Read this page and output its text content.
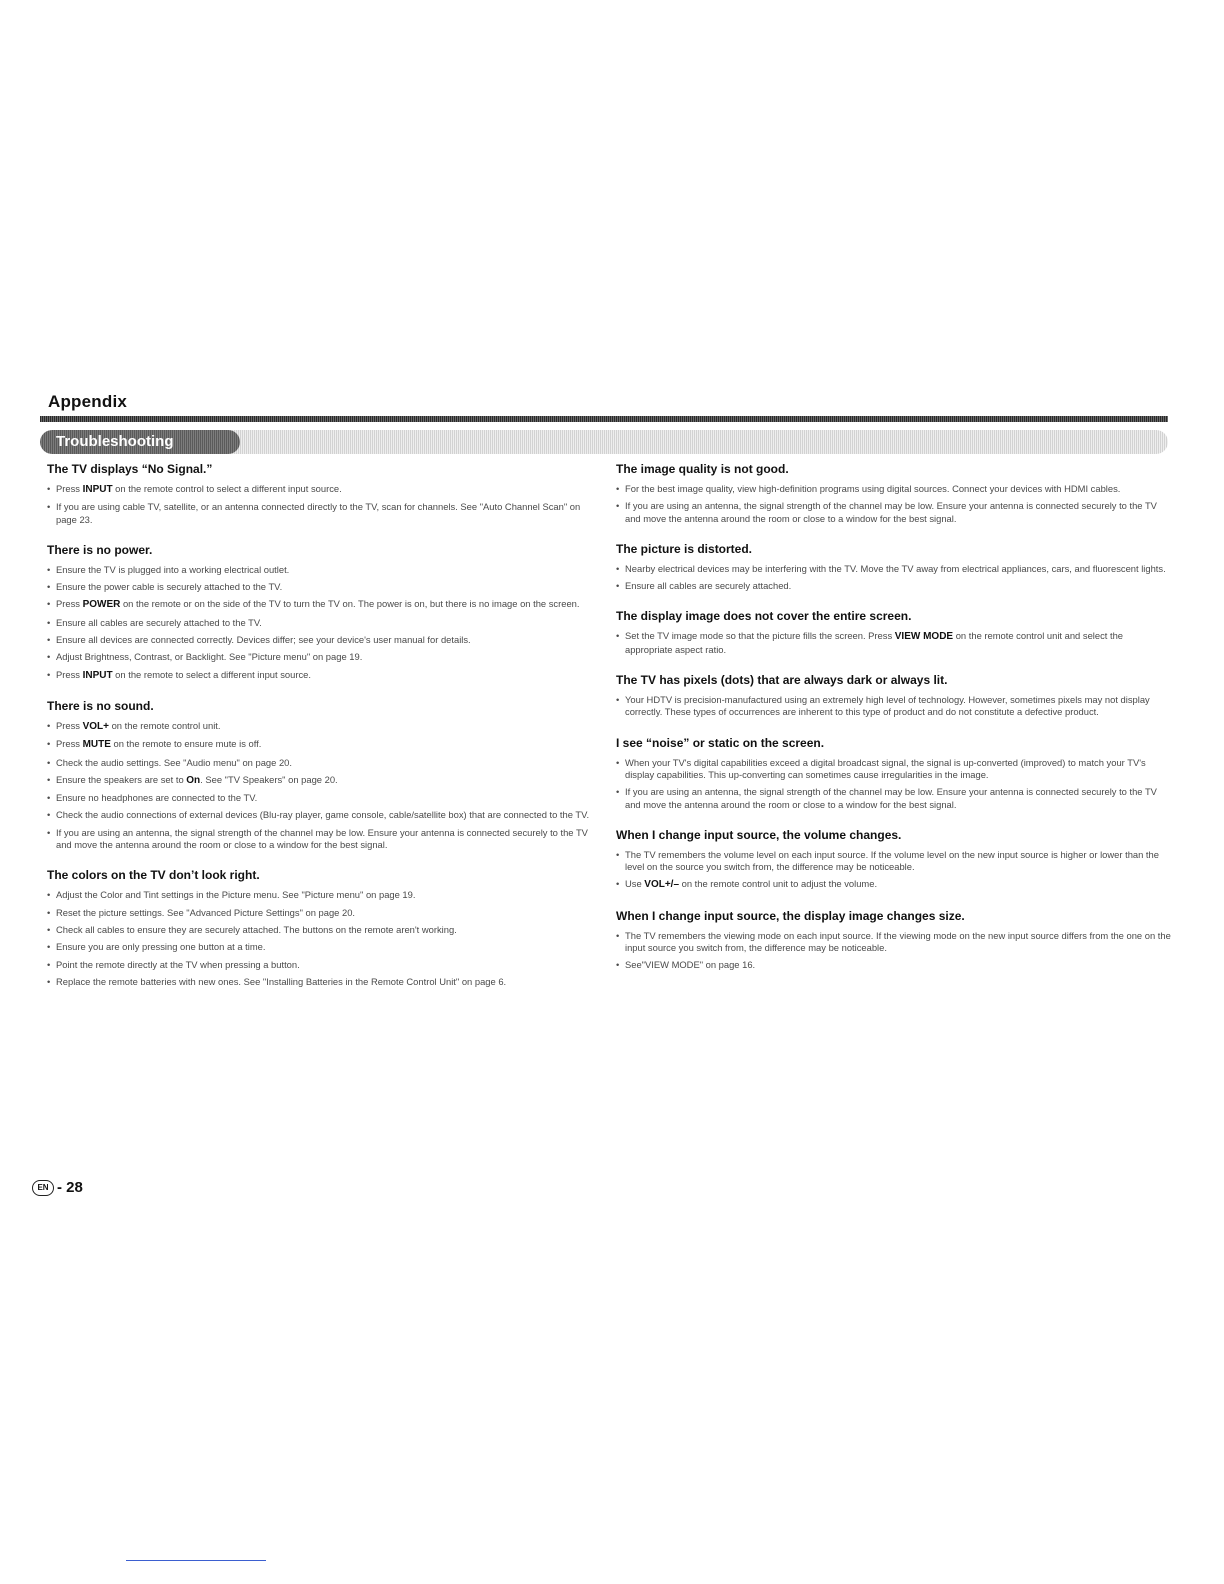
Appendix
Troubleshooting
The TV displays “No Signal.”
• Press INPUT on the remote control to select a different input source.
• If you are using cable TV, satellite, or an antenna connected directly to the TV, scan for channels. See "Auto Channel Scan" on page 23.
There is no power.
• Ensure the TV is plugged into a working electrical outlet.
• Ensure the power cable is securely attached to the TV.
• Press POWER on the remote or on the side of the TV to turn the TV on. The power is on, but there is no image on the screen.
• Ensure all cables are securely attached to the TV.
• Ensure all devices are connected correctly. Devices differ; see your device's user manual for details.
• Adjust Brightness, Contrast, or Backlight. See "Picture menu" on page 19.
• Press INPUT on the remote to select a different input source.
There is no sound.
• Press VOL+ on the remote control unit.
• Press MUTE on the remote to ensure mute is off.
• Check the audio settings. See "Audio menu" on page 20.
• Ensure the speakers are set to On. See "TV Speakers" on page 20.
• Ensure no headphones are connected to the TV.
• Check the audio connections of external devices (Blu-ray player, game console, cable/satellite box) that are connected to the TV.
• If you are using an antenna, the signal strength of the channel may be low. Ensure your antenna is connected securely to the TV and move the antenna around the room or close to a window for the best signal.
The colors on the TV don’t look right.
• Adjust the Color and Tint settings in the Picture menu. See "Picture menu" on page 19.
• Reset the picture settings. See "Advanced Picture Settings" on page 20.
• Check all cables to ensure they are securely attached. The buttons on the remote aren't working.
• Ensure you are only pressing one button at a time.
• Point the remote directly at the TV when pressing a button.
• Replace the remote batteries with new ones. See "Installing Batteries in the Remote Control Unit" on page 6.
The image quality is not good.
• For the best image quality, view high-definition programs using digital sources. Connect your devices with HDMI cables.
• If you are using an antenna, the signal strength of the channel may be low. Ensure your antenna is connected securely to the TV and move the antenna around the room or close to a window for the best signal.
The picture is distorted.
• Nearby electrical devices may be interfering with the TV. Move the TV away from electrical appliances, cars, and fluorescent lights.
• Ensure all cables are securely attached.
The display image does not cover the entire screen.
• Set the TV image mode so that the picture fills the screen. Press VIEW MODE on the remote control unit and select the appropriate aspect ratio.
The TV has pixels (dots) that are always dark or always lit.
• Your HDTV is precision-manufactured using an extremely high level of technology. However, sometimes pixels may not display correctly. These types of occurrences are inherent to this type of product and do not constitute a defective product.
I see “noise” or static on the screen.
• When your TV's digital capabilities exceed a digital broadcast signal, the signal is up-converted (improved) to match your TV's display capabilities. This up-converting can sometimes cause irregularities in the image.
• If you are using an antenna, the signal strength of the channel may be low. Ensure your antenna is connected securely to the TV and move the antenna around the room or close to a window for the best signal.
When I change input source, the volume changes.
• The TV remembers the volume level on each input source. If the volume level on the new input source is higher or lower than the level on the source you switch from, the difference may be noticeable.
• Use VOL+/– on the remote control unit to adjust the volume.
When I change input source, the display image changes size.
• The TV remembers the viewing mode on each input source. If the viewing mode on the new input source differs from the one on the input source you switch from, the difference may be noticeable.
• See"VIEW MODE" on page 16.
EN - 28
